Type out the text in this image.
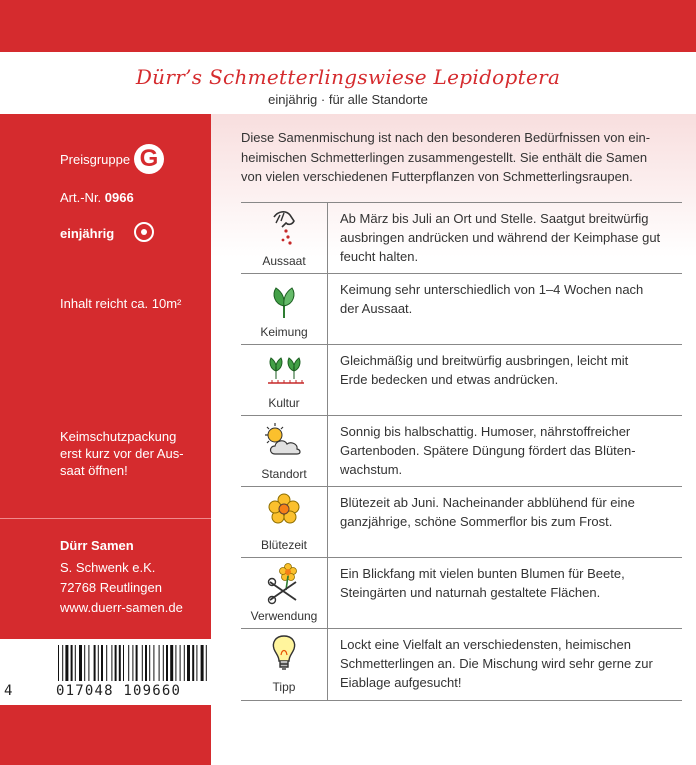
Dürr’s Schmetterlingswiese Lepidoptera
einjährig · für alle Standorte
Preisgruppe G
Art.-Nr. 0966
einjährig
Inhalt reicht ca. 10m²
Keimschutzpackung
erst kurz vor der Aus-
saat öffnen!
Dürr Samen
S. Schwenk e.K.
72768 Reutlingen
www.duerr-samen.de
4	017048 109660
Diese Samenmischung ist nach den besonderen Bedürfnissen von ein-
heimischen Schmetterlingen zusammengestellt. Sie enthält die Samen
von vielen verschiedenen Futterpflanzen von Schmetterlingsraupen.
Aussaat
Ab März bis Juli an Ort und Stelle. Saatgut breitwürfig
ausbringen andrücken und während der Keimphase gut
feucht halten.
Keimung
Keimung sehr unterschiedlich von 1–4 Wochen nach
der Aussaat.
Kultur
Gleichmäßig und breitwürfig ausbringen, leicht mit
Erde bedecken und etwas andrücken.
Standort
Sonnig bis halbschattig. Humoser, nährstoffreicher
Gartenboden. Spätere Düngung fördert das Blüten-
wachstum.
Blütezeit
Blütezeit ab Juni. Nacheinander abblühend für eine
ganzjährige, schöne Sommerflor bis zum Frost.
Verwendung
Ein Blickfang mit vielen bunten Blumen für Beete,
Steingärten und naturnah gestaltete Flächen.
Tipp
Lockt eine Vielfalt an verschiedensten, heimischen
Schmetterlingen an. Die Mischung wird sehr gerne zur
Eiablage aufgesucht!
